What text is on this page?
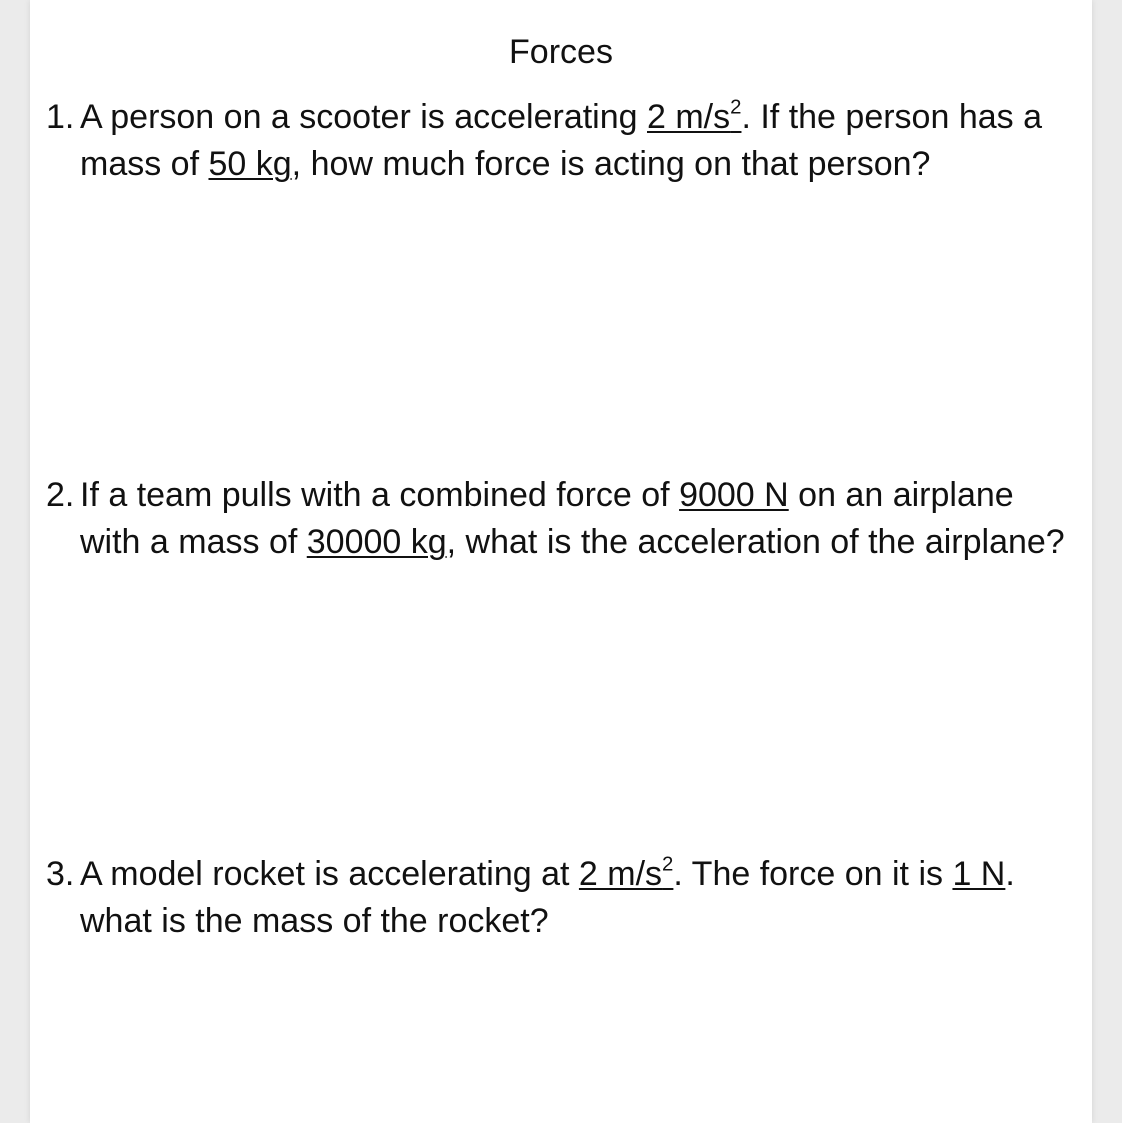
Forces
1. A person on a scooter is accelerating 2 $m/s^2$. If the person has a mass of 50 kg, how much force is acting on that person?

2. If a team pulls with a combined force of 9000 N on an airplane with a mass of 30000 kg, what is the acceleration of the airplane?

3. A model rocket is accelerating at 2 $m/s^2$. The force on it is 1 N. what is the mass of the rocket?
